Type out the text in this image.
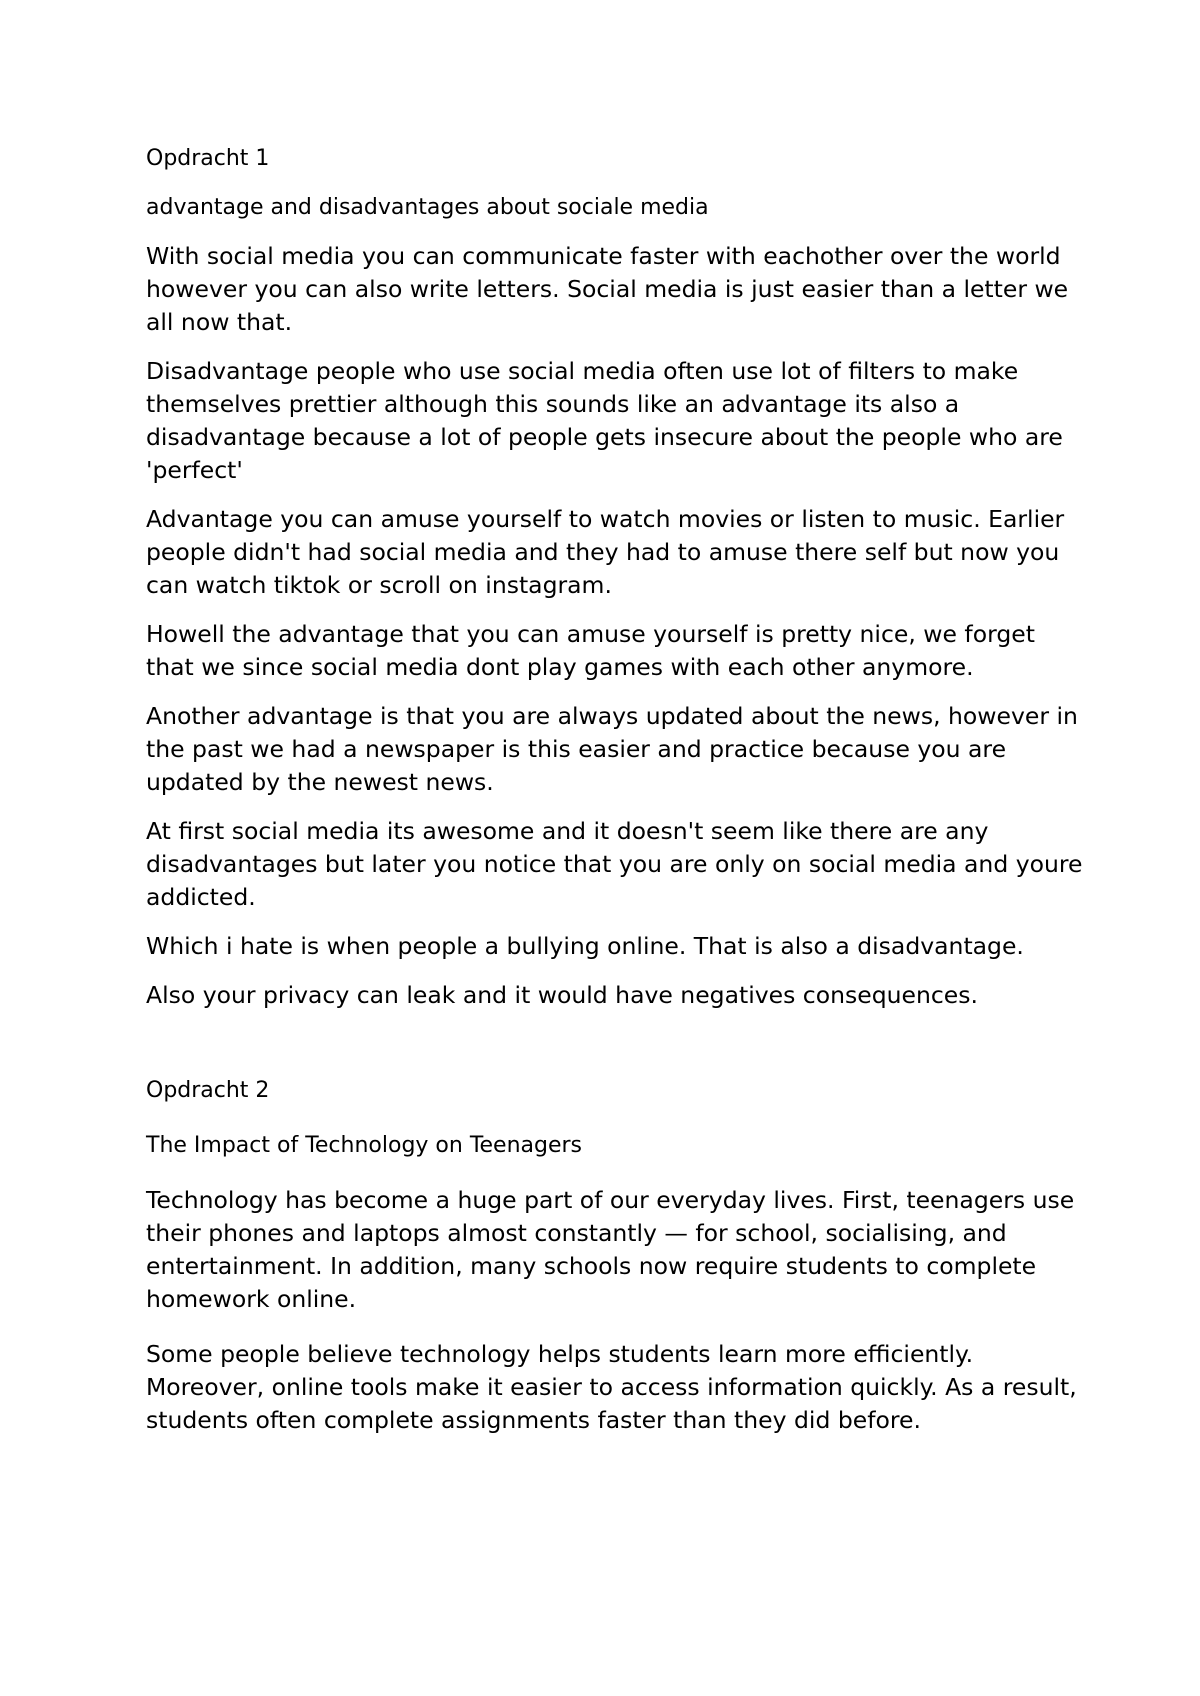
Opdracht 1

advantage and disadvantages about sociale media

With social media you can communicate faster with eachother over the world however you can also write letters. Social media is just easier than a letter we all now that.

Disadvantage people who use social media often use lot of filters to make themselves prettier although this sounds like an advantage its also a disadvantage because a lot of people gets insecure about the people who are 'perfect'

Advantage you can amuse yourself to watch movies or listen to music. Earlier people didn't had social media and they had to amuse there self but now you can watch tiktok or scroll on instagram.

Howell the advantage that you can amuse yourself is pretty nice, we forget that we since social media dont play games with each other anymore.

Another advantage is that you are always updated about the news, however in the past we had a newspaper is this easier and practice because you are updated by the newest news.

At first social media its awesome and it doesn't seem like there are any disadvantages but later you notice that you are only on social media and youre addicted.

Which i hate is when people a bullying online. That is also a disadvantage.

Also your privacy can leak and it would have negatives consequences.

Opdracht 2

The Impact of Technology on Teenagers

Technology has become a huge part of our everyday lives. First, teenagers use their phones and laptops almost constantly — for school, socialising, and entertainment. In addition, many schools now require students to complete homework online.

Some people believe technology helps students learn more efficiently. Moreover, online tools make it easier to access information quickly. As a result, students often complete assignments faster than they did before.
